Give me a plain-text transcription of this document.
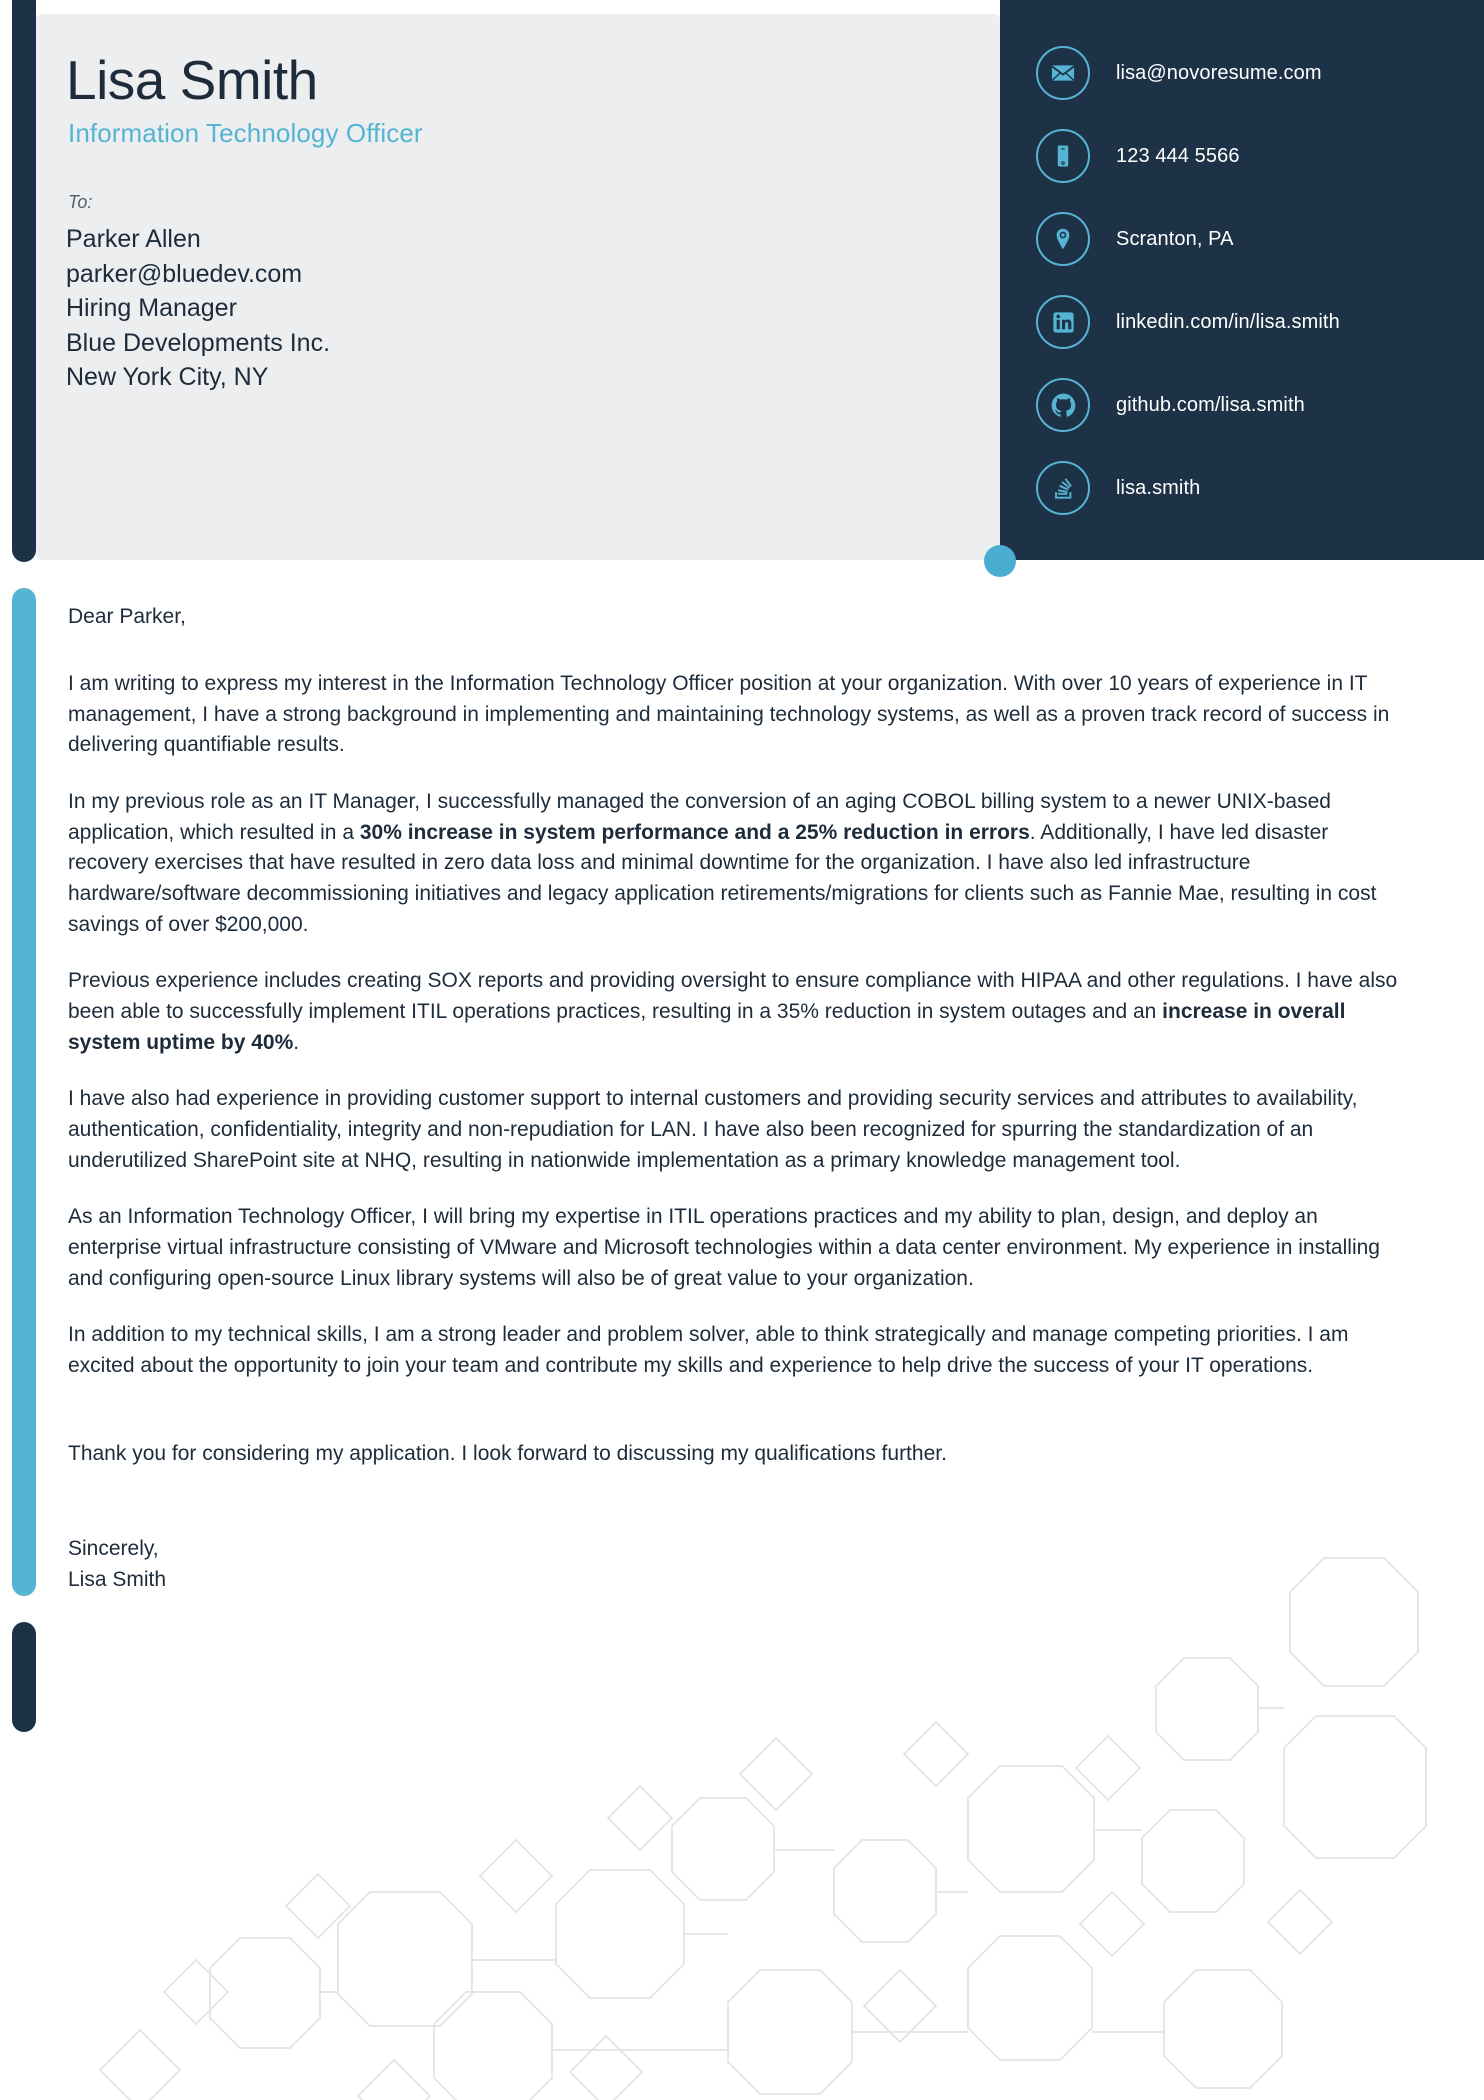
Lisa Smith
Information Technology Officer
To:
Parker Allen
parker@bluedev.com
Hiring Manager
Blue Developments Inc.
New York City, NY
lisa@novoresume.com
123 444 5566
Scranton, PA
linkedin.com/in/lisa.smith
github.com/lisa.smith
lisa.smith
Dear Parker,
I am writing to express my interest in the Information Technology Officer position at your organization. With over 10 years of experience in IT management, I have a strong background in implementing and maintaining technology systems, as well as a proven track record of success in delivering quantifiable results.
In my previous role as an IT Manager, I successfully managed the conversion of an aging COBOL billing system to a newer UNIX-based application, which resulted in a 30% increase in system performance and a 25% reduction in errors. Additionally, I have led disaster recovery exercises that have resulted in zero data loss and minimal downtime for the organization. I have also led infrastructure hardware/software decommissioning initiatives and legacy application retirements/migrations for clients such as Fannie Mae, resulting in cost savings of over $200,000.
Previous experience includes creating SOX reports and providing oversight to ensure compliance with HIPAA and other regulations. I have also been able to successfully implement ITIL operations practices, resulting in a 35% reduction in system outages and an increase in overall system uptime by 40%.
I have also had experience in providing customer support to internal customers and providing security services and attributes to availability, authentication, confidentiality, integrity and non-repudiation for LAN. I have also been recognized for spurring the standardization of an underutilized SharePoint site at NHQ, resulting in nationwide implementation as a primary knowledge management tool.
As an Information Technology Officer, I will bring my expertise in ITIL operations practices and my ability to plan, design, and deploy an enterprise virtual infrastructure consisting of VMware and Microsoft technologies within a data center environment. My experience in installing and configuring open-source Linux library systems will also be of great value to your organization.
In addition to my technical skills, I am a strong leader and problem solver, able to think strategically and manage competing priorities. I am excited about the opportunity to join your team and contribute my skills and experience to help drive the success of your IT operations.
Thank you for considering my application. I look forward to discussing my qualifications further.
Sincerely,
Lisa Smith
